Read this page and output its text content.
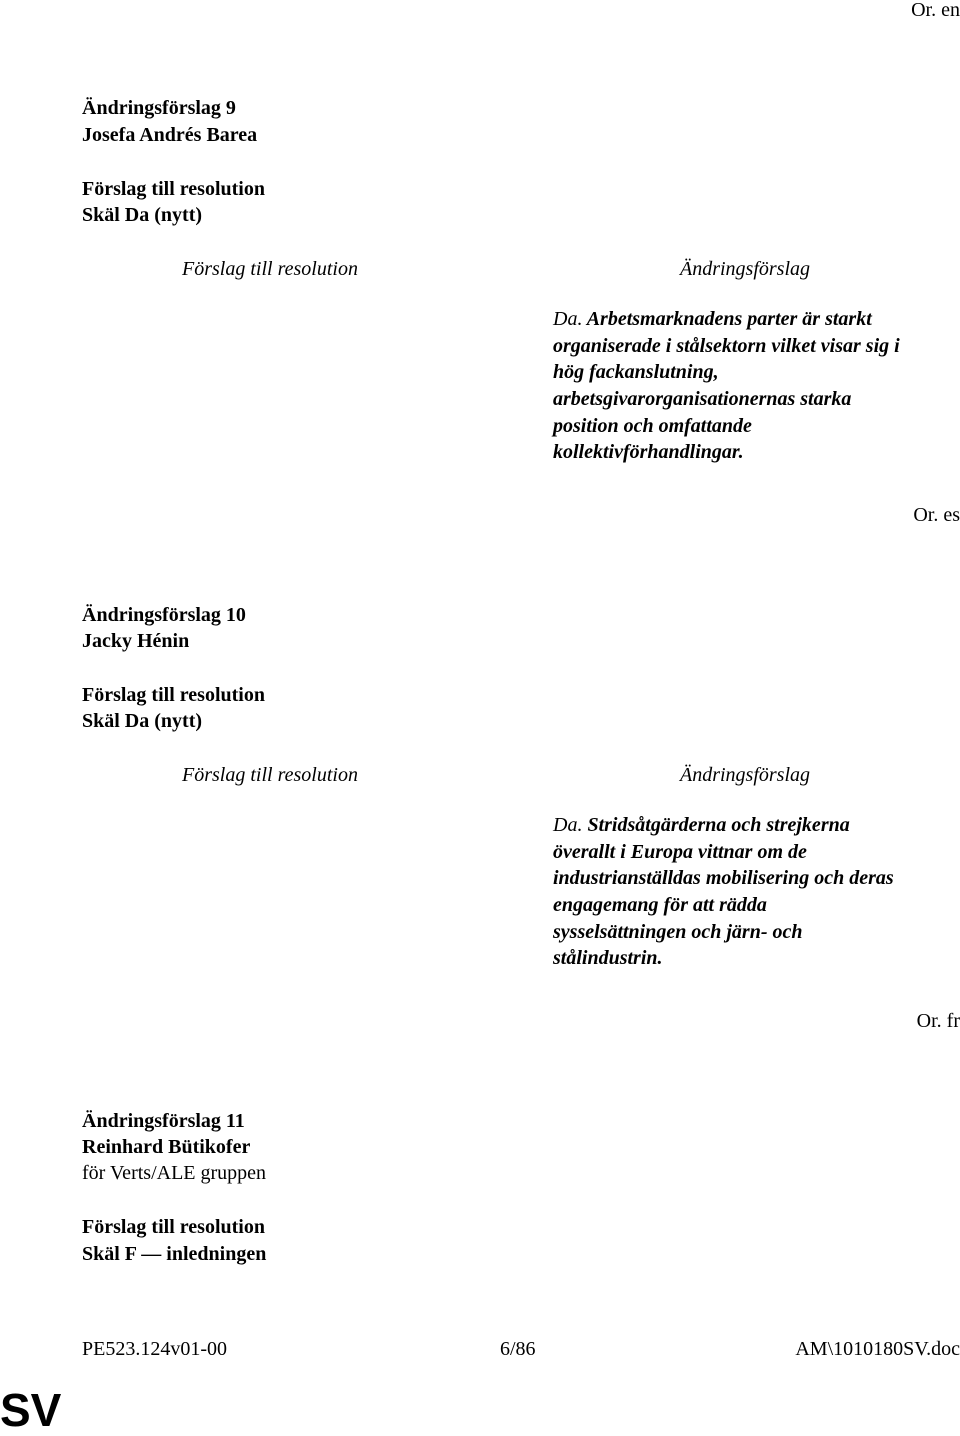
Or. en
Ändringsförslag 9
Josefa Andrés Barea
Förslag till resolution
Skäl Da (nytt)
Förslag till resolution	Ändringsförslag
Da. Arbetsmarknadens parter är starkt
organiserade i stålsektorn vilket visar sig i
hög fackanslutning,
arbetsgivarorganisationernas starka
position och omfattande
kollektivförhandlingar.
Or. es
Ändringsförslag 10
Jacky Hénin
Förslag till resolution
Skäl Da (nytt)
Förslag till resolution	Ändringsförslag
Da. Stridsåtgärderna och strejkerna
överallt i Europa vittnar om de
industrianställdas mobilisering och deras
engagemang för att rädda
sysselsättningen och järn- och
stålindustrin.
Or. fr
Ändringsförslag 11
Reinhard Bütikofer
för Verts/ALE gruppen
Förslag till resolution
Skäl F — inledningen
PE523.124v01-00	6/86	AM\1010180SV.doc
SV
